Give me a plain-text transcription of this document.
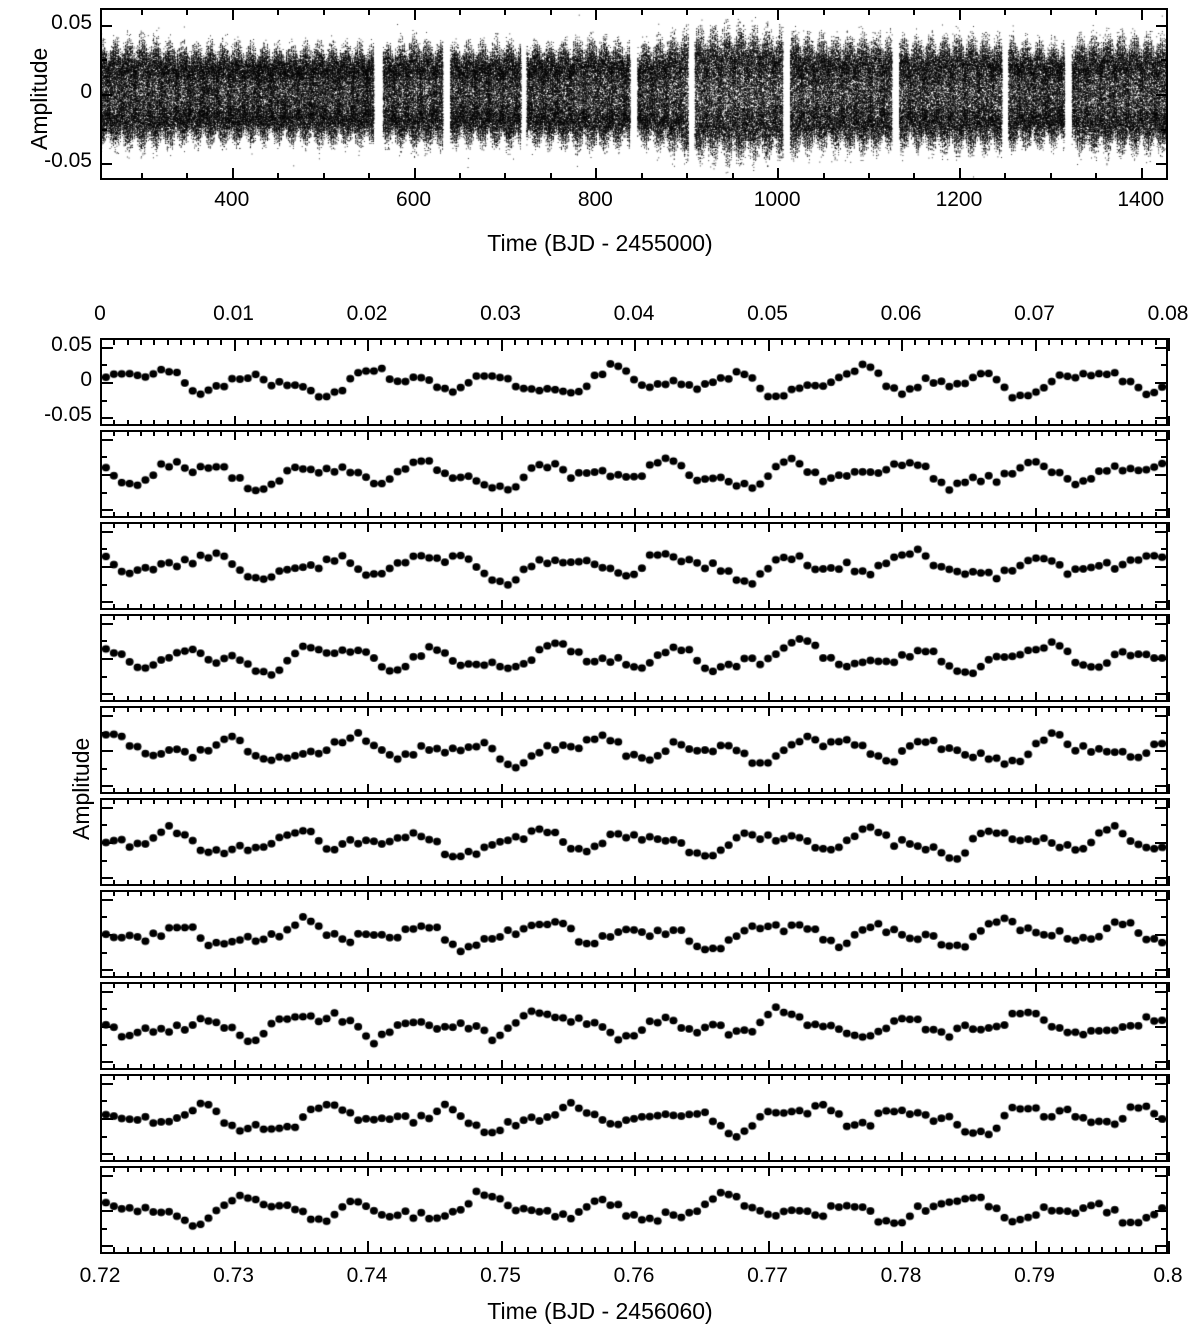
Amplitude
400	600	800	1000	1200	1400
-0.05
0
0.05
Time (BJD - 2455000)
0	0.01	0.02	0.03	0.04	0.05	0.06	0.07	0.08
-0.05
0
0.05
0.72	0.73	0.74	0.75	0.76	0.77	0.78	0.79	0.8
Amplitude
Time (BJD - 2456060)
